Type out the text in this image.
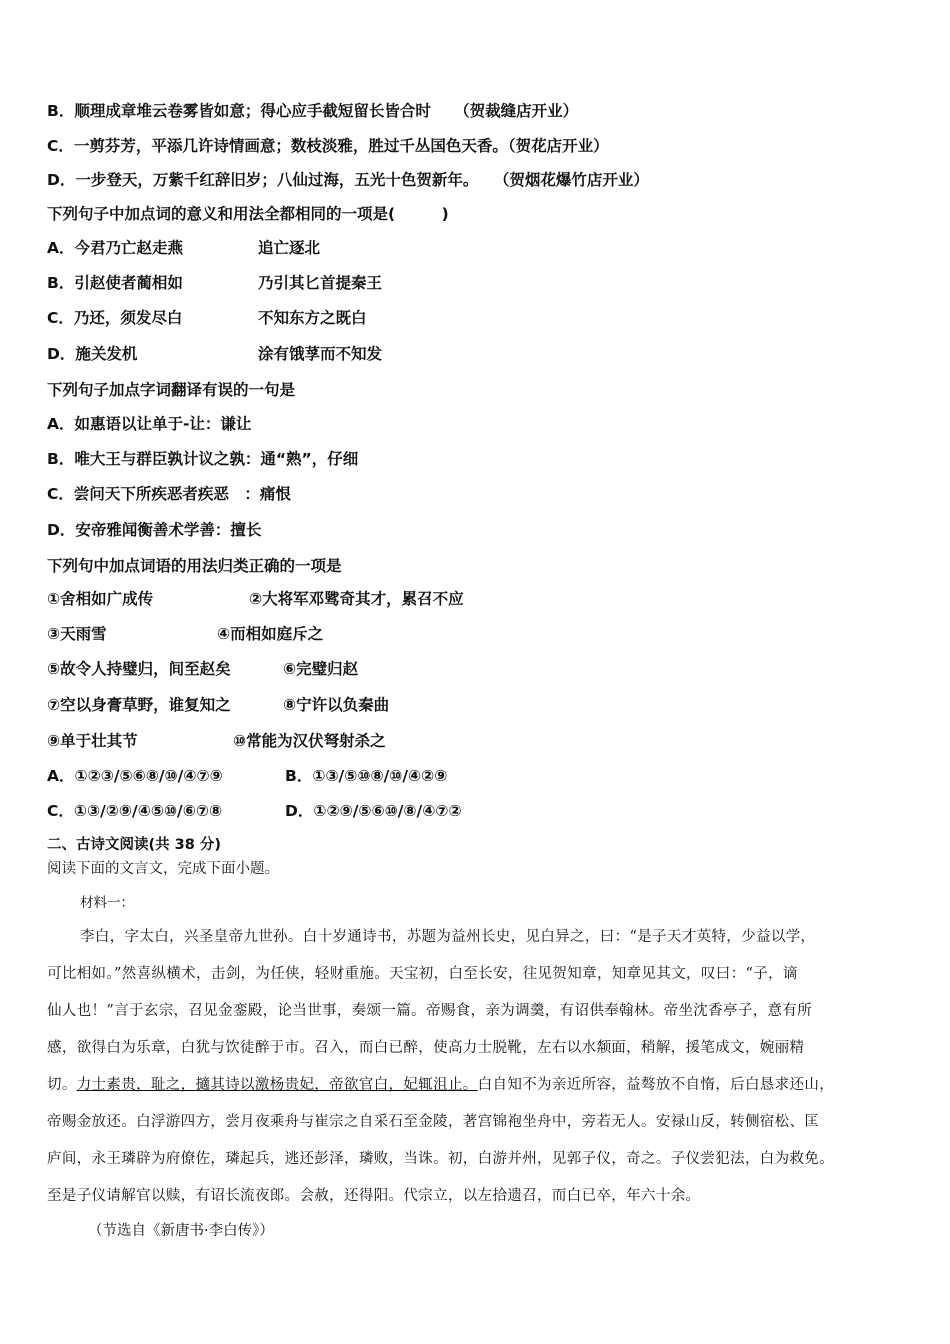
B．顺理成章堆云卷雾皆如意；得心应手截短留长皆合时　　（贺裁缝店开业）
C．一剪芬芳，平添几许诗情画意；数枝淡雅，胜过千丛国色天香。（贺花店开业）
D．一步登天，万紫千红辞旧岁；八仙过海，五光十色贺新年。　　（贺烟花爆竹店开业）
下列句子中加点词的意义和用法全都相同的一项是(　　　)
A．今君乃亡赵走燕	追亡逐北
B．引赵使者蔺相如	乃引其匕首提秦王
C．乃还，须发尽白	不知东方之既白
D．施关发机	涂有饿莩而不知发
下列句子加点字词翻译有误的一句是
A．如惠语以让单于-让：谦让
B．唯大王与群臣孰计议之孰：通“熟”，仔细
C．尝问天下所疾恶者疾恶　：痛恨
D．安帝雅闻衡善术学善：擅长
下列句中加点词语的用法归类正确的一项是
①舍相如广成传	②大将军邓骘奇其才，累召不应
③天雨雪	④而相如庭斥之
⑤故令人持璧归，间至赵矣	⑥完璧归赵
⑦空以身膏草野，谁复知之	⑧宁许以负秦曲
⑨单于壮其节	⑩常能为汉伏弩射杀之
A．①②③/⑤⑥⑧/⑩/④⑦⑨	B．①③/⑤⑩⑧/⑩/④②⑨
C．①③/②⑨/④⑤⑩/⑥⑦⑧	D．①②⑨/⑤⑥⑩/⑧/④⑦②
二、古诗文阅读(共 38 分)
阅读下面的文言文，完成下面小题。
材料一：
李白，字太白，兴圣皇帝九世孙。白十岁通诗书，苏题为益州长史，见白异之，曰：“是子天才英特，少益以学，
可比相如。”然喜纵横术，击剑，为任侠，轻财重施。天宝初，白至长安，往见贺知章，知章见其文，叹曰：“子，谪
仙人也！”言于玄宗，召见金銮殿，论当世事，奏颂一篇。帝赐食，亲为调羹，有诏供奉翰林。帝坐沈香亭子，意有所
感，欲得白为乐章，白犹与饮徒醉于市。召入，而白已醉，使高力士脱靴，左右以水颒面，稍解，援笔成文，婉丽精
切。力士素贵，耻之，擿其诗以激杨贵妃，帝欲官白，妃辄沮止。白自知不为亲近所容，益骜放不自惰，后白恳求还山，
帝赐金放还。白浮游四方，尝月夜乘舟与崔宗之自采石至金陵，著宫锦袍坐舟中，旁若无人。安禄山反，转侧宿松、匡
庐间，永王璘辟为府僚佐，璘起兵，逃还彭泽，璘败，当诛。初，白游并州，见郭子仪，奇之。子仪尝犯法，白为救免。
至是子仪请解官以赎，有诏长流夜郎。会赦，还得阳。代宗立，以左拾遗召，而白已卒，年六十余。
（节选自《新唐书·李白传》）
